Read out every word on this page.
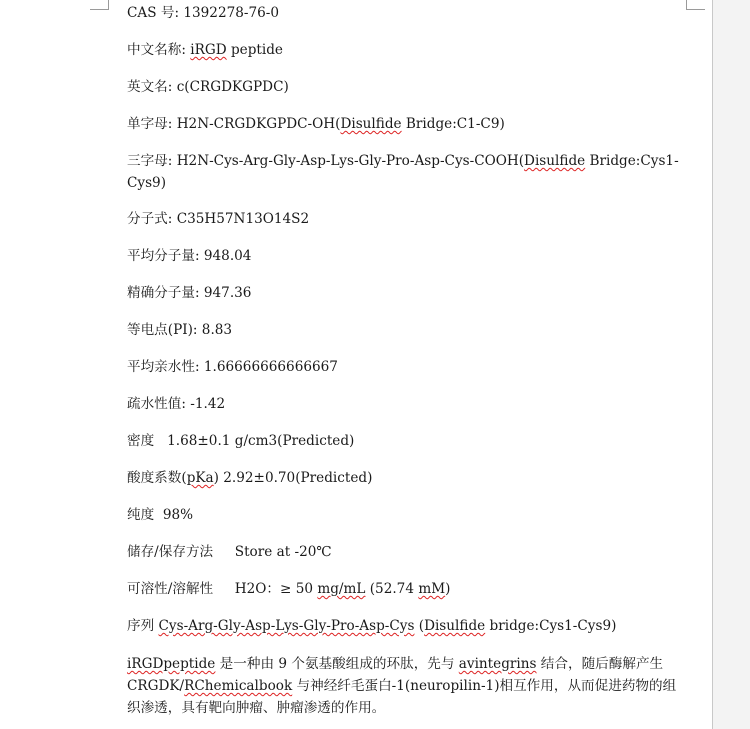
CAS 号: 1392278-76-0
中文名称: iRGD peptide
英文名: c(CRGDKGPDC)
单字母: H2N-CRGDKGPDC-OH(Disulfide Bridge:C1-C9)
三字母: H2N-Cys-Arg-Gly-Asp-Lys-Gly-Pro-Asp-Cys-COOH(Disulfide Bridge:Cys1-Cys9)
分子式: C35H57N13O14S2
平均分子量: 948.04
精确分子量: 947.36
等电点(PI): 8.83
平均亲水性: 1.66666666666667
疏水性值: -1.42
密度   1.68±0.1 g/cm3(Predicted)
酸度系数(pKa) 2.92±0.70(Predicted)
纯度  98%
储存/保存方法     Store at -20℃
可溶性/溶解性     H2O：≥ 50 mg/mL (52.74 mM)
序列 Cys-Arg-Gly-Asp-Lys-Gly-Pro-Asp-Cys (Disulfide bridge:Cys1-Cys9)
iRGDpeptide 是一种由 9 个氨基酸组成的环肽，先与 avintegrins 结合，随后酶解产生 CRGDK/RChemicalbook 与神经纤毛蛋白-1(neuropilin-1)相互作用，从而促进药物的组织渗透，具有靶向肿瘤、肿瘤渗透的作用。
